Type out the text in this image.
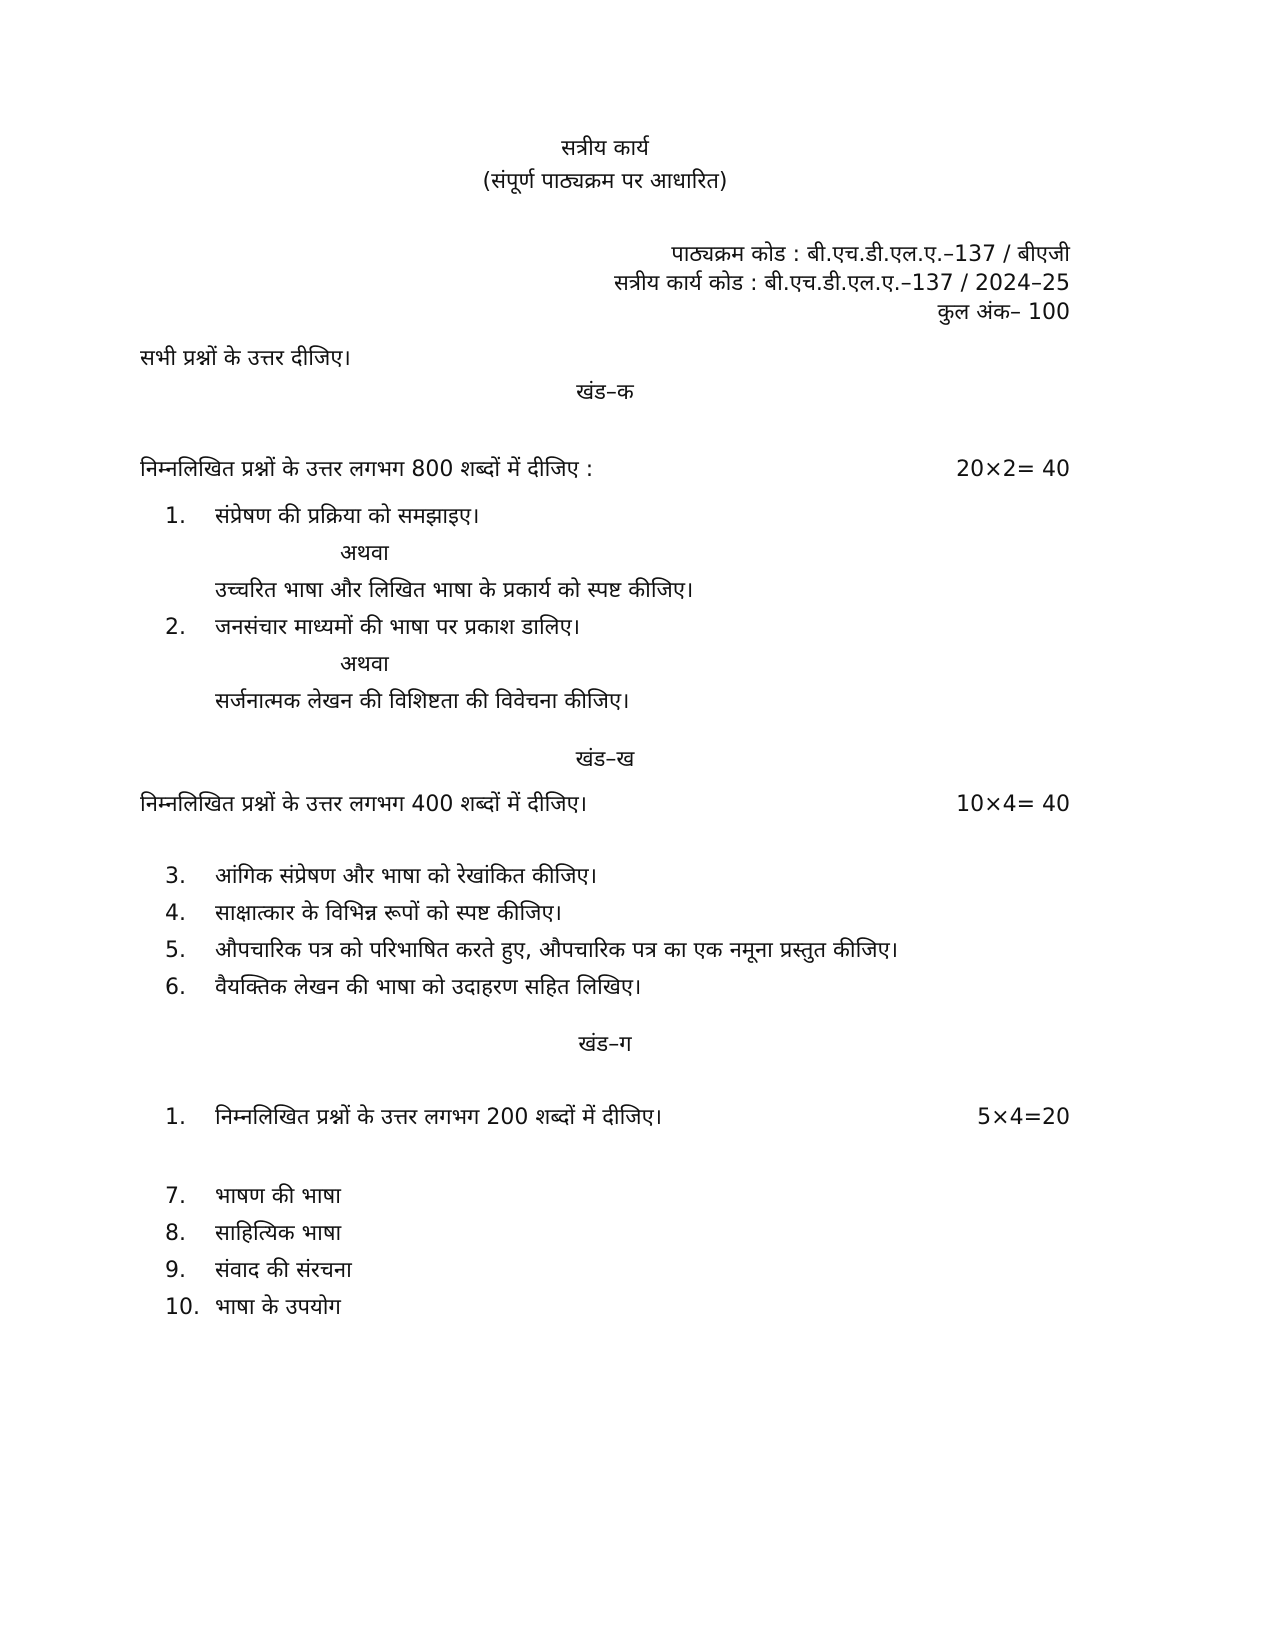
सत्रीय कार्य
(संपूर्ण पाठ्यक्रम पर आधारित)
पाठ्यक्रम कोड : बी.एच.डी.एल.ए.–137 / बीएजी
सत्रीय कार्य कोड : बी.एच.डी.एल.ए.–137 / 2024–25
कुल अंक– 100
सभी प्रश्नों के उत्तर दीजिए।
खंड–क
निम्नलिखित प्रश्नों के उत्तर लगभग 800 शब्दों में दीजिए :	20×2= 40
1.	संप्रेषण की प्रक्रिया को समझाइए।
अथवा
उच्चरित भाषा और लिखित भाषा के प्रकार्य को स्पष्ट कीजिए।
2.	जनसंचार माध्यमों की भाषा पर प्रकाश डालिए।
अथवा
सर्जनात्मक लेखन की विशिष्टता की विवेचना कीजिए।
खंड–ख
निम्नलिखित प्रश्नों के उत्तर लगभग 400 शब्दों में दीजिए।	10×4= 40
3.	आंगिक संप्रेषण और भाषा को रेखांकित कीजिए।
4.	साक्षात्कार के विभिन्न रूपों को स्पष्ट कीजिए।
5.	औपचारिक पत्र को परिभाषित करते हुए, औपचारिक पत्र का एक नमूना प्रस्तुत कीजिए।
6.	वैयक्तिक लेखन की भाषा को उदाहरण सहित लिखिए।
खंड–ग
1.	निम्नलिखित प्रश्नों के उत्तर लगभग 200 शब्दों में दीजिए।	5×4=20
7.	भाषण की भाषा
8.	साहित्यिक भाषा
9.	संवाद की संरचना
10. भाषा के उपयोग
